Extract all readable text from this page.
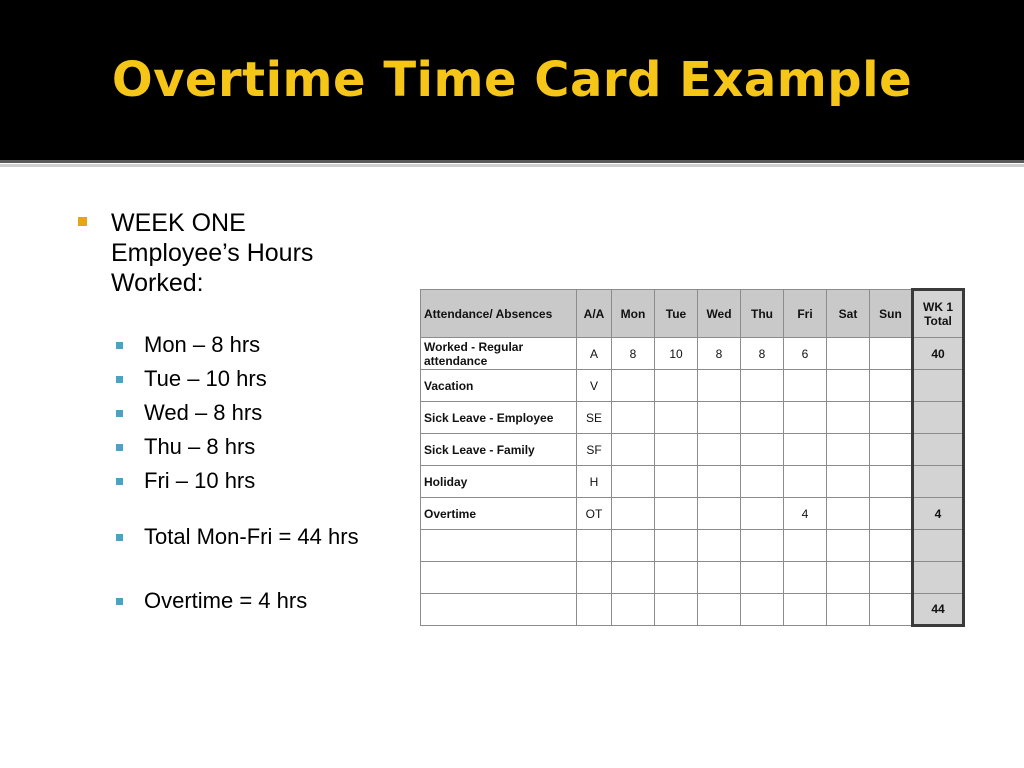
Overtime Time Card Example
WEEK ONE
Employee’s Hours Worked:
Mon – 8 hrs
Tue – 10 hrs
Wed – 8 hrs
Thu – 8 hrs
Fri – 10 hrs
Total Mon-Fri = 44 hrs
Overtime = 4 hrs
Attendance/ Absences	A/A	Mon	Tue	Wed	Thu	Fri	Sat	Sun	WK 1 Total
Worked - Regular attendance	A	8	10	8	8	6			40
Vacation	V								
Sick Leave - Employee	SE								
Sick Leave - Family	SF								
Holiday	H								
Overtime	OT					4			4

									44
